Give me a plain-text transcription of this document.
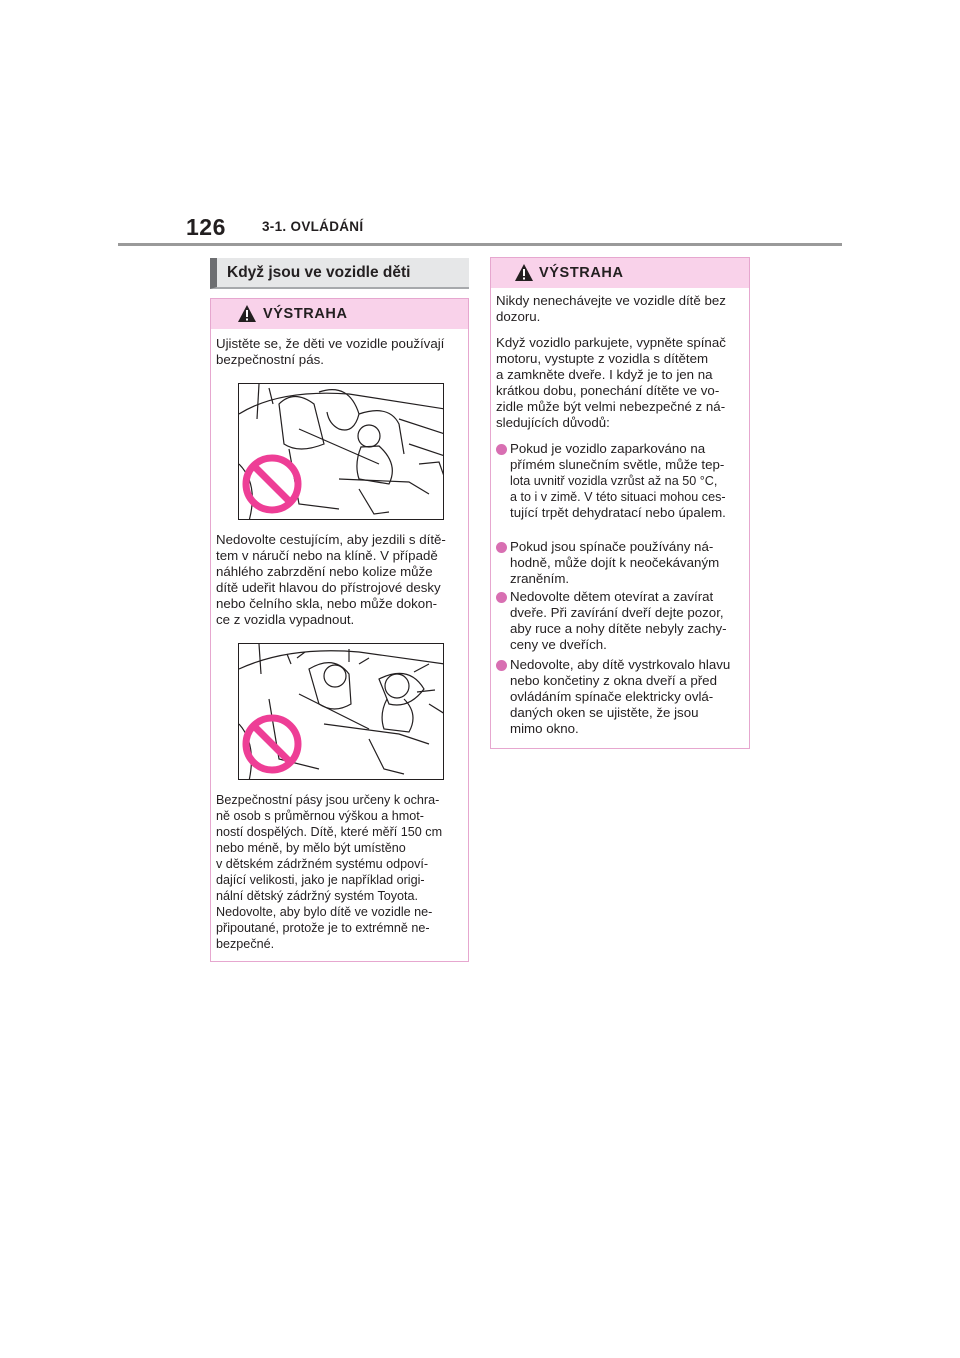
126	3-1. OVLÁDÁNÍ
Když jsou ve vozidle děti
VÝSTRAHA

Ujistěte se, že děti ve vozidle používají
bezpečnostní pás.

Nedovolte cestujícím, aby jezdili s dítě-
tem v náručí nebo na klíně. V případě
náhlého zabrzdění nebo kolize může
dítě udeřit hlavou do přístrojové desky
nebo čelního skla, nebo může dokon-
ce z vozidla vypadnout.

Bezpečnostní pásy jsou určeny k ochra-
ně osob s průměrnou výškou a hmot-
ností dospělých. Dítě, které měří 150 cm
nebo méně, by mělo být umístěno
v dětském zádržném systému odpoví-
dající velikosti, jako je například origi-
nální dětský zádržný systém Toyota.
Nedovolte, aby bylo dítě ve vozidle ne-
připoutané, protože je to extrémně ne-
bezpečné.

VÝSTRAHA

Nikdy nenechávejte ve vozidle dítě bez
dozoru.

Když vozidlo parkujete, vypněte spínač
motoru, vystupte z vozidla s dítětem
a zamkněte dveře. I když je to jen na
krátkou dobu, ponechání dítěte ve vo-
zidle může být velmi nebezpečné z ná-
sledujících důvodů:

Pokud je vozidlo zaparkováno na
přímém slunečním světle, může tep-
lota uvnitř vozidla vzrůst až na 50 °C,
a to i v zimě. V této situaci mohou ces-
tující trpět dehydratací nebo úpalem.
Pokud jsou spínače používány ná-
hodně, může dojít k neočekávaným
zraněním.
Nedovolte dětem otevírat a zavírat
dveře. Při zavírání dveří dejte pozor,
aby ruce a nohy dítěte nebyly zachy-
ceny ve dveřích.
Nedovolte, aby dítě vystrkovalo hlavu
nebo končetiny z okna dveří a před
ovládáním spínače elektricky ovlá-
daných oken se ujistěte, že jsou
mimo okno.
